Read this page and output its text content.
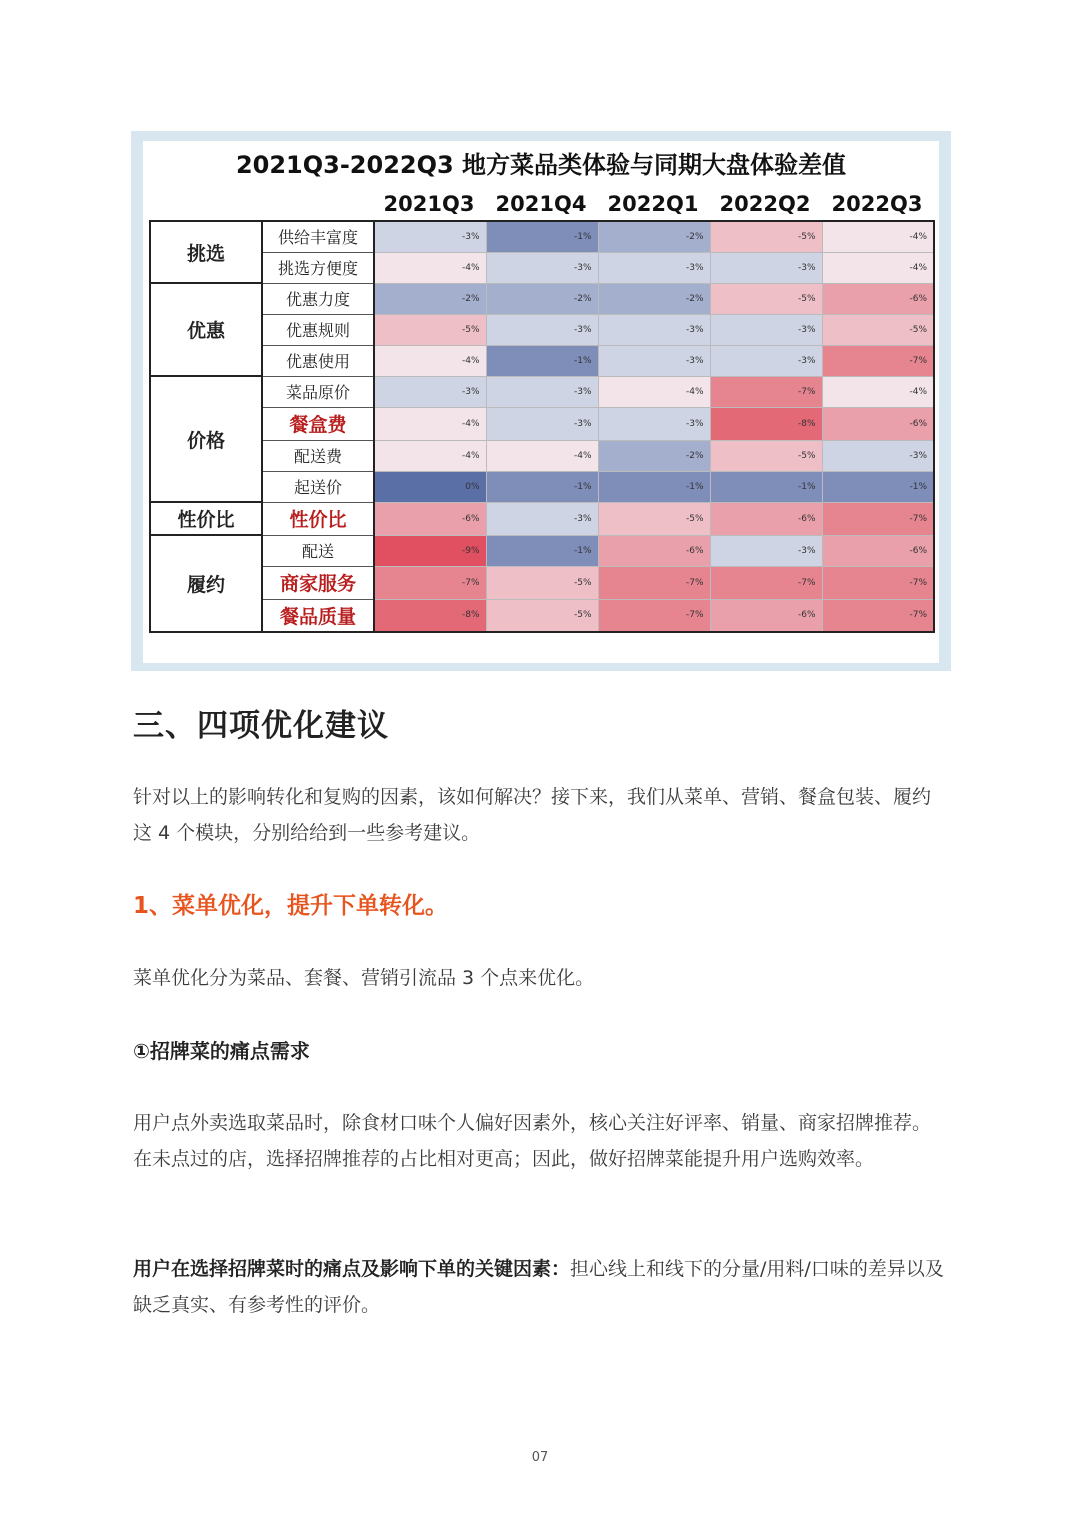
2021Q3-2022Q3 地方菜品类体验与同期大盘体验差值
2021Q3	2021Q4	2022Q1	2022Q2	2022Q3
挑选	供给丰富度	-3%	-1%	-2%	-5%	-4%
	挑选方便度	-4%	-3%	-3%	-3%	-4%
优惠	优惠力度	-2%	-2%	-2%	-5%	-6%
	优惠规则	-5%	-3%	-3%	-3%	-5%
	优惠使用	-4%	-1%	-3%	-3%	-7%
价格	菜品原价	-3%	-3%	-4%	-7%	-4%
	餐盒费	-4%	-3%	-3%	-8%	-6%
	配送费	-4%	-4%	-2%	-5%	-3%
	起送价	0%	-1%	-1%	-1%	-1%
性价比	性价比	-6%	-3%	-5%	-6%	-7%
履约	配送	-9%	-1%	-6%	-3%	-6%
	商家服务	-7%	-5%	-7%	-7%	-7%
	餐品质量	-8%	-5%	-7%	-6%	-7%
三、四项优化建议
针对以上的影响转化和复购的因素，该如何解决？接下来，我们从菜单、营销、餐盒包装、履约这 4 个模块，分别给给到一些参考建议。
1、菜单优化，提升下单转化。
菜单优化分为菜品、套餐、营销引流品 3 个点来优化。
①招牌菜的痛点需求
用户点外卖选取菜品时，除食材口味个人偏好因素外，核心关注好评率、销量、商家招牌推荐。在未点过的店，选择招牌推荐的占比相对更高；因此，做好招牌菜能提升用户选购效率。
用户在选择招牌菜时的痛点及影响下单的关键因素：担心线上和线下的分量/用料/口味的差异以及缺乏真实、有参考性的评价。
07
